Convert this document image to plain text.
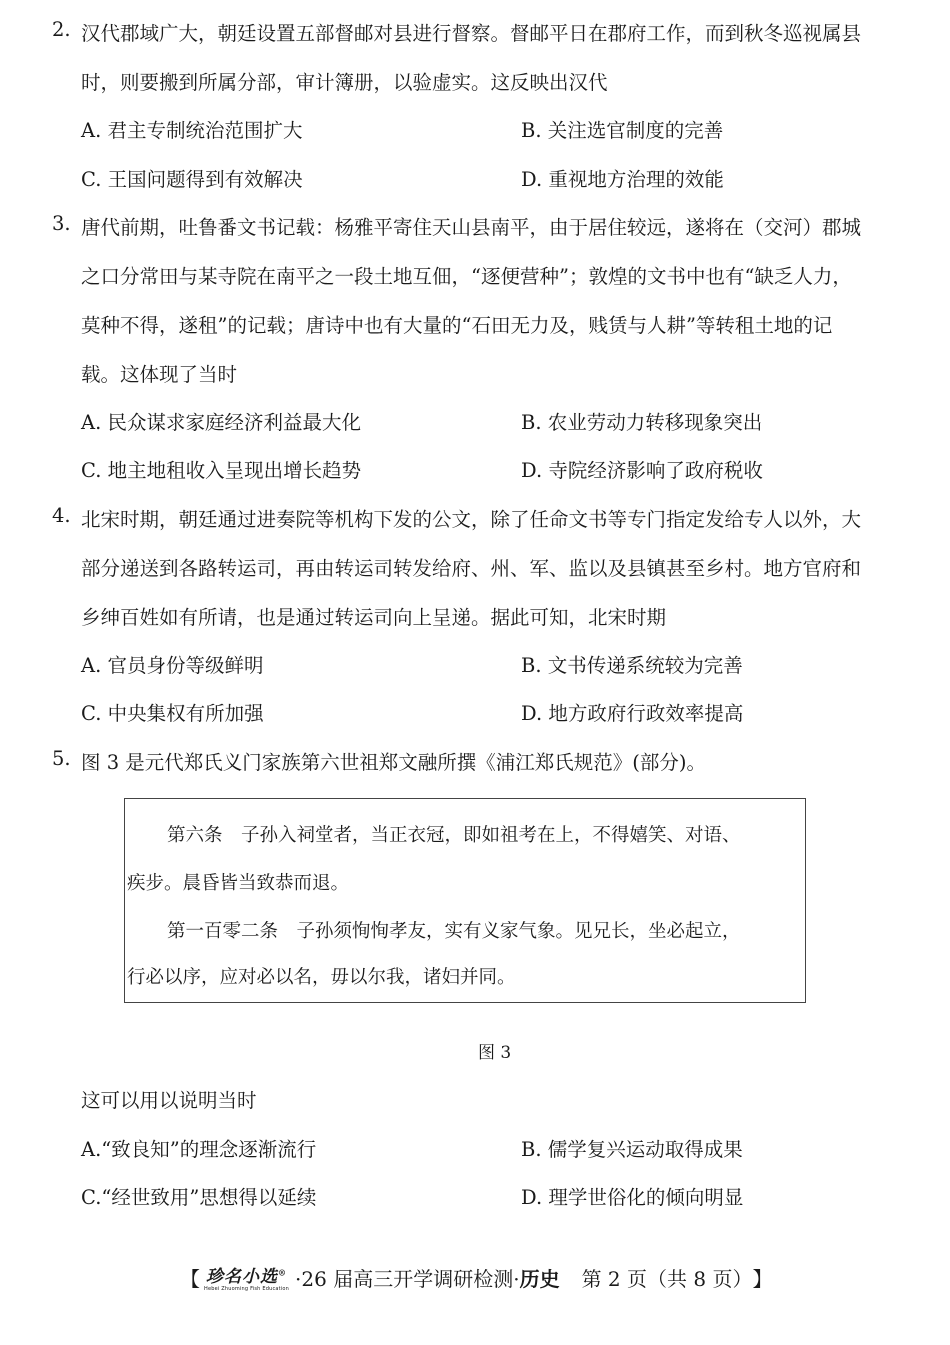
2. 汉代郡域广大，朝廷设置五部督邮对县进行督察。督邮平日在郡府工作，而到秋冬巡视属县
时，则要搬到所属分部，审计簿册，以验虚实。这反映出汉代
A. 君主专制统治范围扩大	B. 关注选官制度的完善
C. 王国问题得到有效解决	D. 重视地方治理的效能
3. 唐代前期，吐鲁番文书记载：杨雅平寄住天山县南平，由于居住较远，遂将在（交河）郡城
之口分常田与某寺院在南平之一段土地互佃，“逐便营种”；敦煌的文书中也有“缺乏人力，
莫种不得，遂租”的记载；唐诗中也有大量的“石田无力及，贱赁与人耕”等转租土地的记
载。这体现了当时
A. 民众谋求家庭经济利益最大化	B. 农业劳动力转移现象突出
C. 地主地租收入呈现出增长趋势	D. 寺院经济影响了政府税收
4. 北宋时期，朝廷通过进奏院等机构下发的公文，除了任命文书等专门指定发给专人以外，大
部分递送到各路转运司，再由转运司转发给府、州、军、监以及县镇甚至乡村。地方官府和
乡绅百姓如有所请，也是通过转运司向上呈递。据此可知，北宋时期
A. 官员身份等级鲜明	B. 文书传递系统较为完善
C. 中央集权有所加强	D. 地方政府行政效率提高
5. 图 3 是元代郑氏义门家族第六世祖郑文融所撰《浦江郑氏规范》(部分)。
第六条　子孙入祠堂者，当正衣冠，即如祖考在上，不得嬉笑、对语、
疾步。晨昏皆当致恭而退。
第一百零二条　子孙须恂恂孝友，实有义家气象。见兄长，坐必起立，
行必以序，应对必以名，毋以尔我，诸妇并同。
图 3
这可以用以说明当时
A.“致良知”的理念逐渐流行	B. 儒学复兴运动取得成果
C.“经世致用”思想得以延续	D. 理学世俗化的倾向明显
【 珍名小选®
Hebei Zhuoming Fish Education ·26 届高三开学调研检测· 历史 第 2 页（共 8 页） 】
